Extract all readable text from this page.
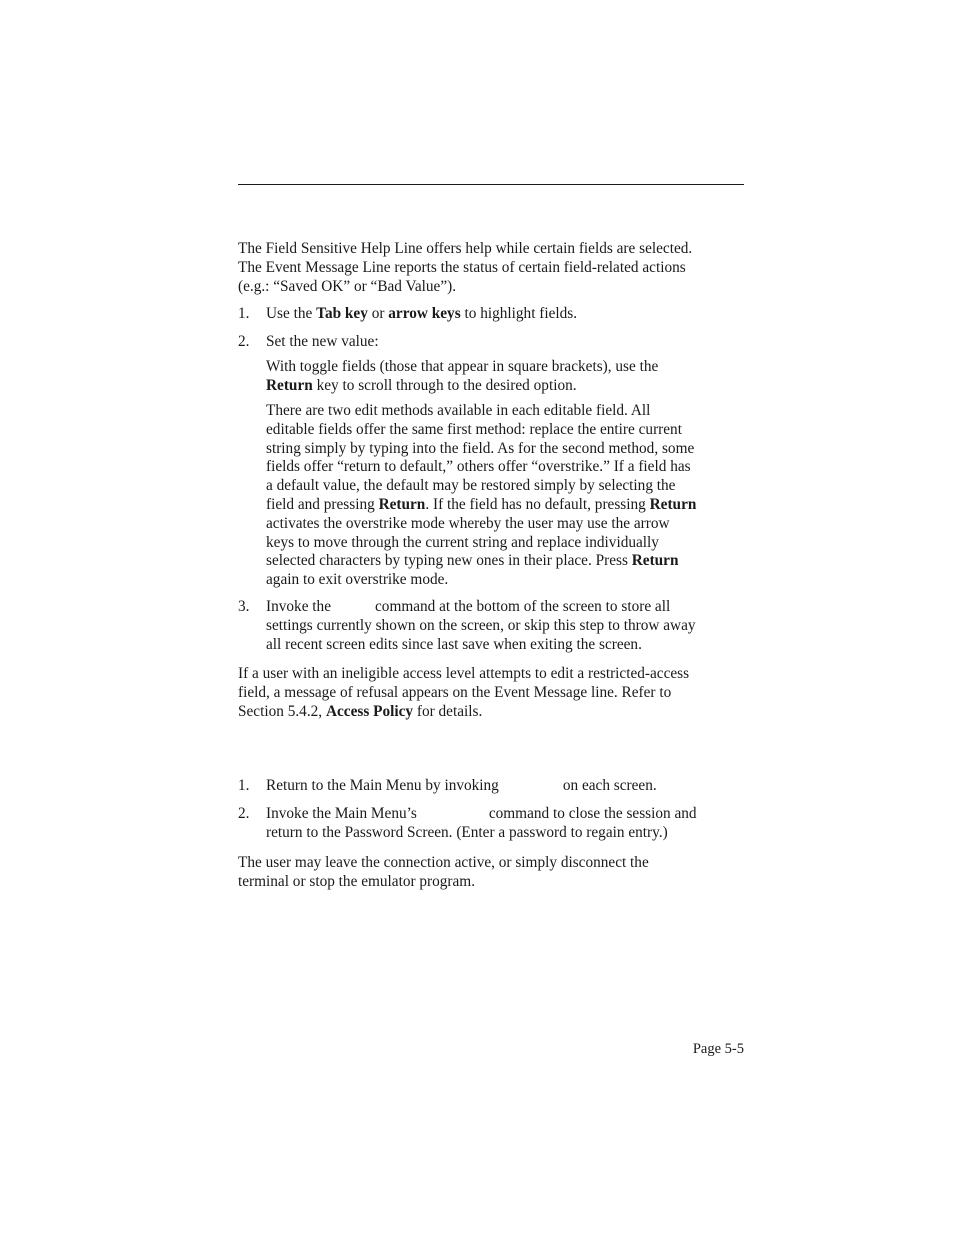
The Field Sensitive Help Line offers help while certain fields are selected.
The Event Message Line reports the status of certain field-related actions
(e.g.: “Saved OK” or “Bad Value”).
1. Use the Tab key or arrow keys to highlight fields.
2. Set the new value:
With toggle fields (those that appear in square brackets), use the
Return key to scroll through to the desired option.
There are two edit methods available in each editable field. All
editable fields offer the same first method: replace the entire current
string simply by typing into the field. As for the second method, some
fields offer “return to default,” others offer “overstrike.” If a field has
a default value, the default may be restored simply by selecting the
field and pressing Return. If the field has no default, pressing Return
activates the overstrike mode whereby the user may use the arrow
keys to move through the current string and replace individually
selected characters by typing new ones in their place. Press Return
again to exit overstrike mode.
3. Invoke the	command at the bottom of the screen to store all
settings currently shown on the screen, or skip this step to throw away
all recent screen edits since last save when exiting the screen.
If a user with an ineligible access level attempts to edit a restricted-access
field, a message of refusal appears on the Event Message line. Refer to
Section 5.4.2, Access Policy for details.
1. Return to the Main Menu by invoking	on each screen.
2. Invoke the Main Menu’s	command to close the session and
return to the Password Screen. (Enter a password to regain entry.)
The user may leave the connection active, or simply disconnect the
terminal or stop the emulator program.
Page 5-5
